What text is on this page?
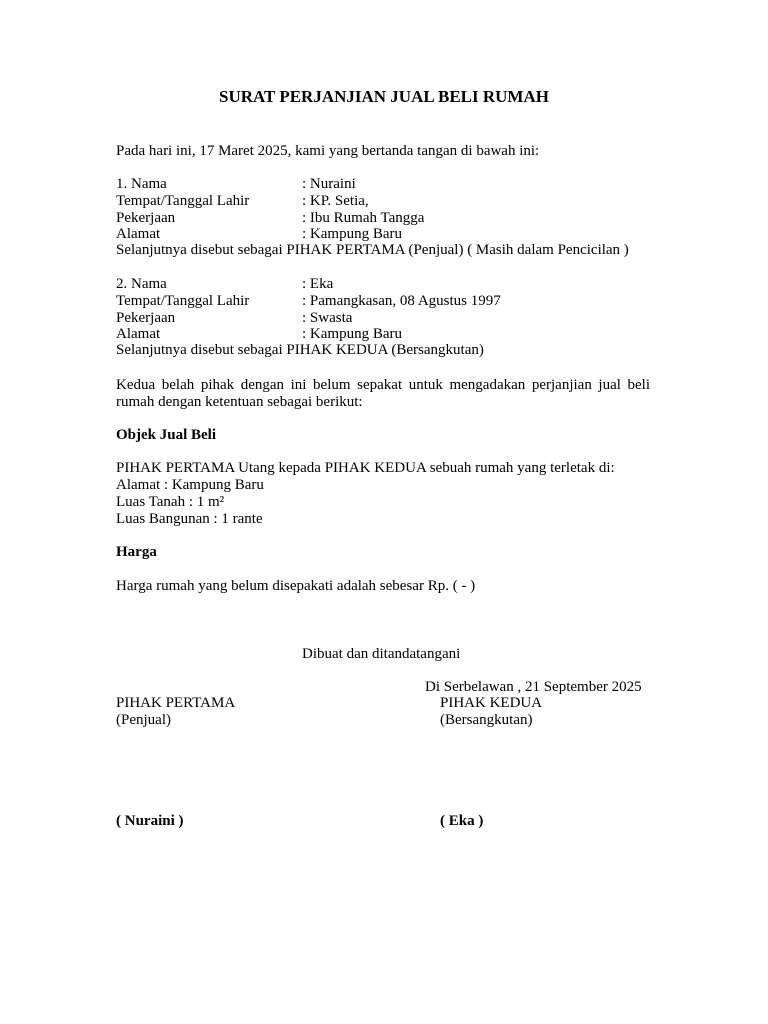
SURAT PERJANJIAN JUAL BELI RUMAH
Pada hari ini, 17 Maret 2025, kami yang bertanda tangan di bawah ini:
1. Nama	: Nuraini
Tempat/Tanggal Lahir	: KP. Setia,
Pekerjaan	: Ibu Rumah Tangga
Alamat	: Kampung Baru
Selanjutnya disebut sebagai PIHAK PERTAMA (Penjual) ( Masih dalam Pencicilan )
2. Nama	: Eka
Tempat/Tanggal Lahir	: Pamangkasan, 08 Agustus 1997
Pekerjaan	: Swasta
Alamat	: Kampung Baru
Selanjutnya disebut sebagai PIHAK KEDUA (Bersangkutan)
Kedua belah pihak dengan ini belum sepakat untuk mengadakan perjanjian jual beli rumah dengan ketentuan sebagai berikut:
Objek Jual Beli
PIHAK PERTAMA Utang kepada PIHAK KEDUA sebuah rumah yang terletak di:
Alamat : Kampung Baru
Luas Tanah : 1 m²
Luas Bangunan : 1 rante
Harga
Harga rumah yang belum disepakati adalah sebesar Rp. ( - )
Dibuat dan ditandatangani
Di Serbelawan , 21 September 2025
PIHAK PERTAMA	PIHAK KEDUA
(Penjual)	(Bersangkutan)
( Nuraini )	( Eka )
